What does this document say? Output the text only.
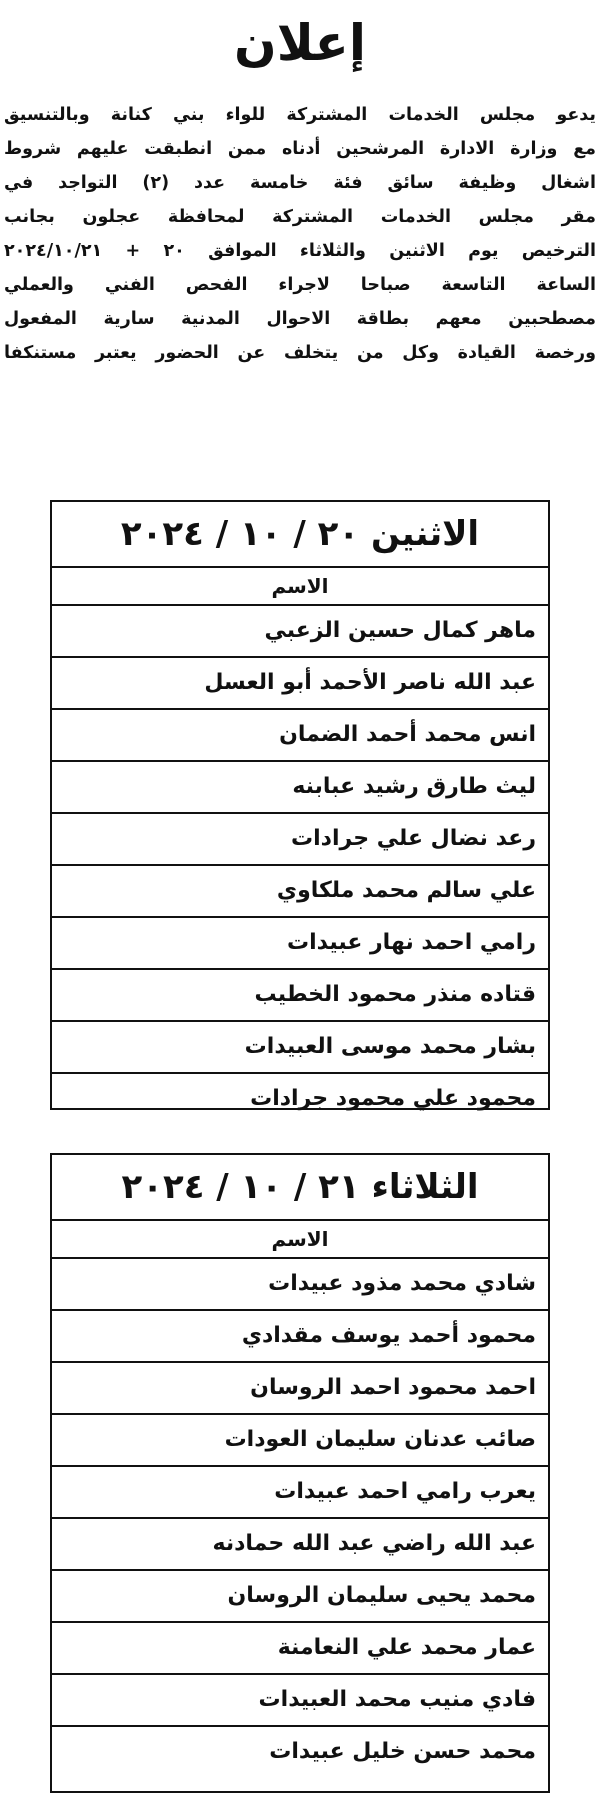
إعلان
يدعو مجلس الخدمات المشتركة للواء بني كنانة وبالتنسيق
مع وزارة الادارة المرشحين أدناه ممن انطبقت عليهم شروط
اشغال وظيفة سائق فئة خامسة عدد (٢) التواجد في
مقر مجلس الخدمات المشتركة لمحافظة عجلون بجانب
الترخيص يوم الاثنين والثلاثاء الموافق ٢٠ + ٢٠٢٤/١٠/٢١
الساعة التاسعة صباحا لاجراء الفحص الفني والعملي
مصطحبين معهم بطاقة الاحوال المدنية سارية المفعول
ورخصة القيادة وكل من يتخلف عن الحضور يعتبر مستنكفا
الاثنين ٢٠ / ١٠ / ٢٠٢٤
الاسم
ماهر كمال حسين الزعبي
عبد الله ناصر الأحمد أبو العسل
انس محمد أحمد الضمان
ليث طارق رشيد عبابنه
رعد نضال علي جرادات
علي سالم محمد ملكاوي
رامي احمد نهار عبيدات
قتاده منذر محمود الخطيب
بشار محمد موسى العبيدات
محمود علي محمود جرادات
الثلاثاء ٢١ / ١٠ / ٢٠٢٤
الاسم
شادي محمد مذود عبيدات
محمود أحمد يوسف مقدادي
احمد محمود احمد الروسان
صائب عدنان سليمان العودات
يعرب رامي احمد عبيدات
عبد الله راضي عبد الله حمادنه
محمد يحيى سليمان الروسان
عمار محمد علي النعامنة
فادي منيب محمد العبيدات
محمد حسن خليل عبيدات
